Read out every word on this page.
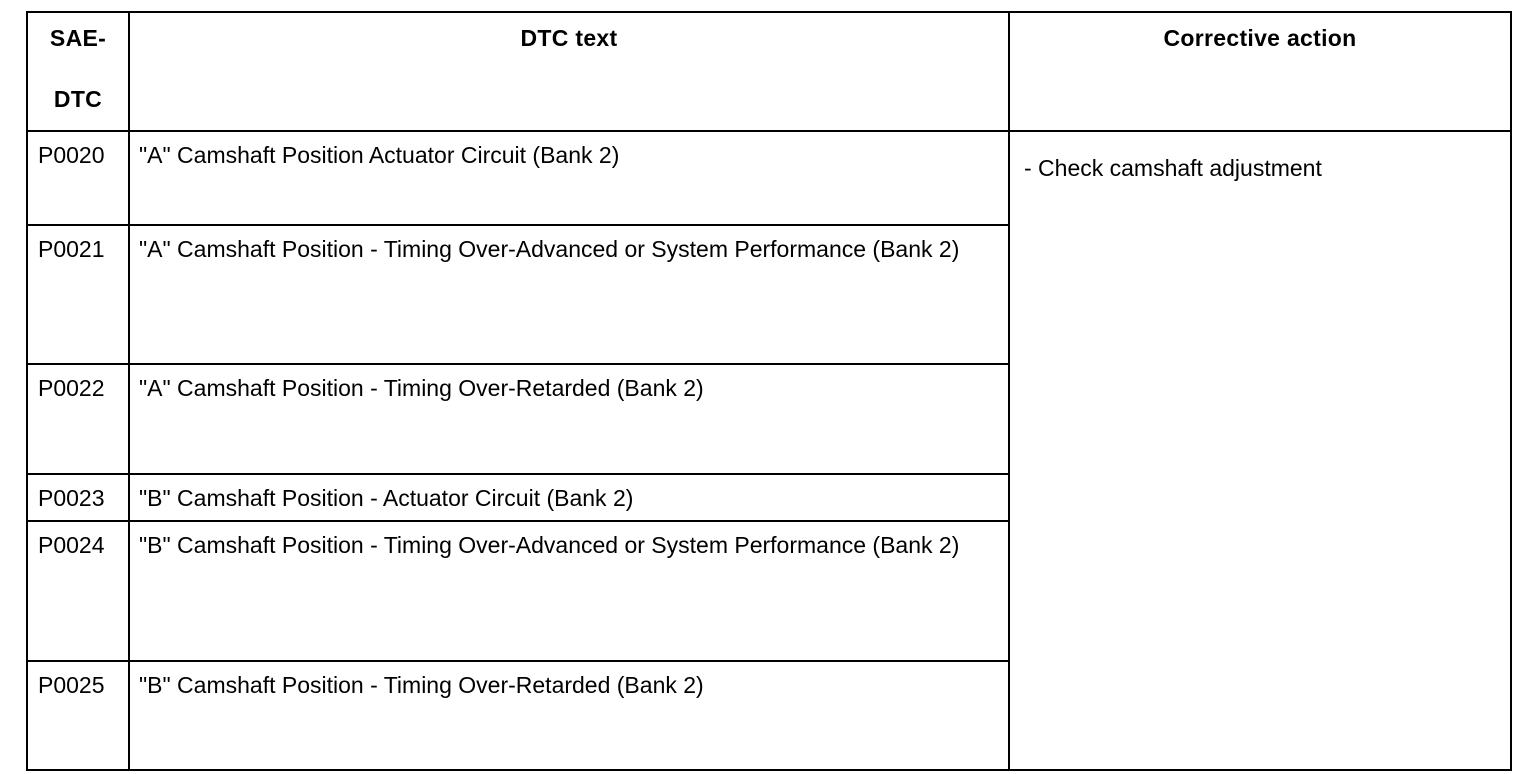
SAE-
DTC	DTC text	Corrective action
P0020	"A" Camshaft Position Actuator Circuit (Bank 2)	- Check camshaft adjustment
P0021	"A" Camshaft Position - Timing Over-Advanced or System Performance (Bank 2)	
P0022	"A" Camshaft Position - Timing Over-Retarded (Bank 2)	
P0023	"B" Camshaft Position - Actuator Circuit (Bank 2)	
P0024	"B" Camshaft Position - Timing Over-Advanced or System Performance (Bank 2)	
P0025	"B" Camshaft Position - Timing Over-Retarded (Bank 2)	
